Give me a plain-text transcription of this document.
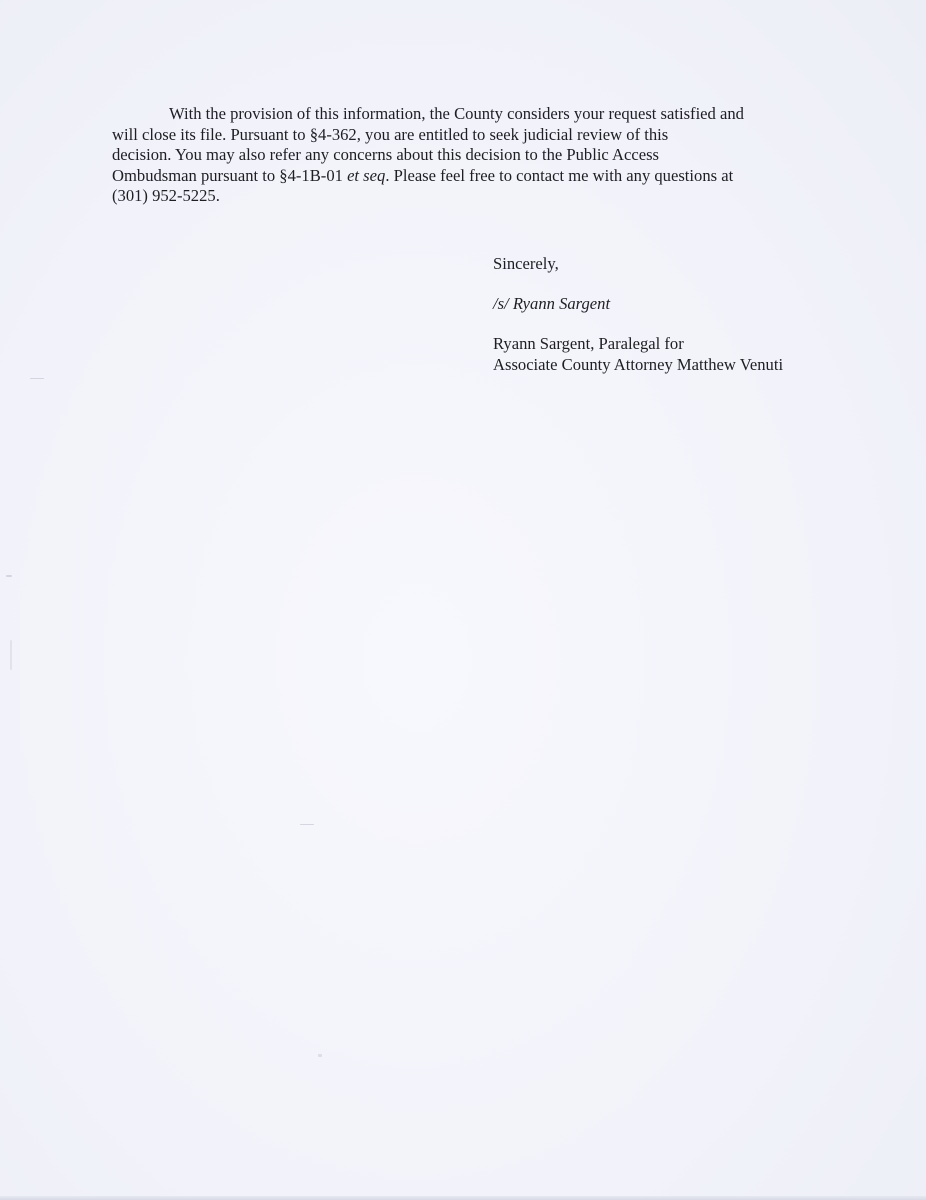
With the provision of this information, the County considers your request satisfied and
will close its file. Pursuant to §4-362, you are entitled to seek judicial review of this
decision. You may also refer any concerns about this decision to the Public Access
Ombudsman pursuant to §4-1B-01 et seq. Please feel free to contact me with any questions at
(301) 952-5225.

Sincerely,
/s/ Ryann Sargent
Ryann Sargent, Paralegal for
Associate County Attorney Matthew Venuti
